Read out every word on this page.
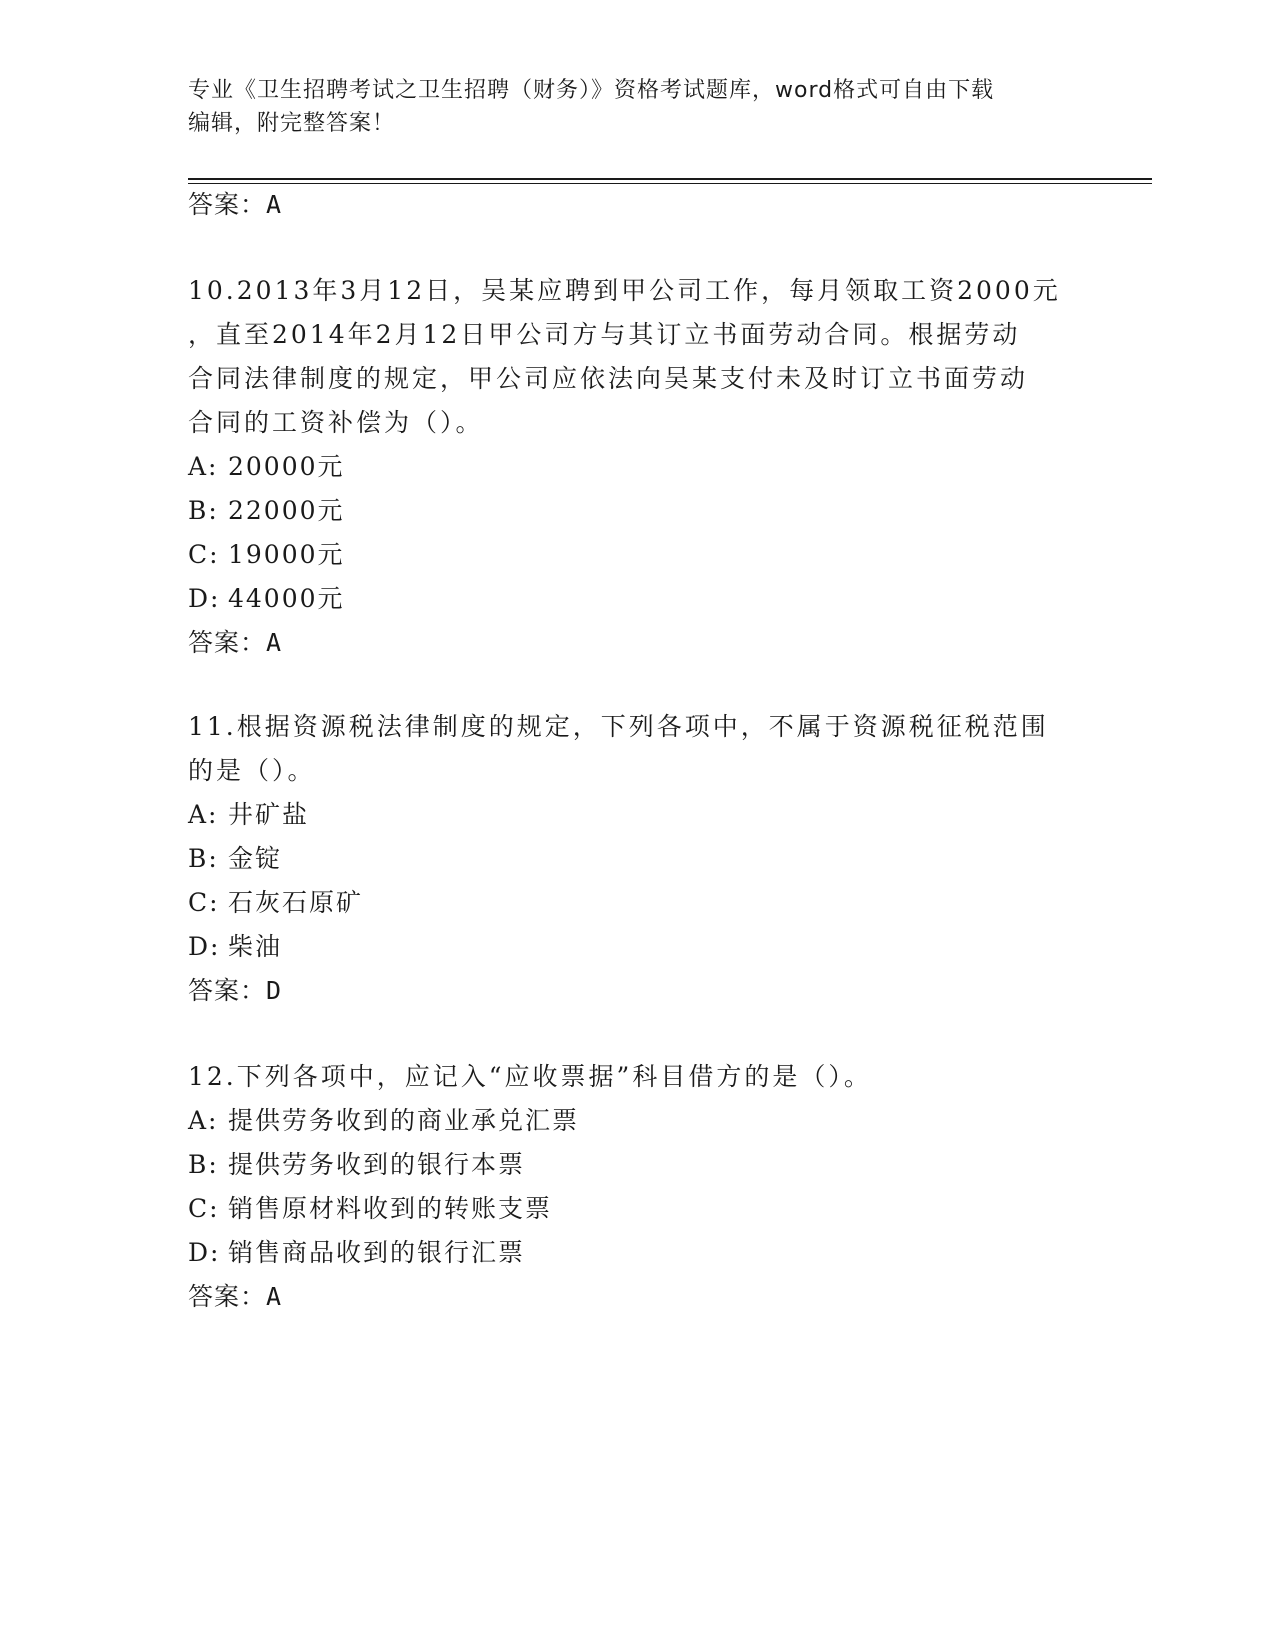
专业《卫生招聘考试之卫生招聘（财务）》资格考试题库，word格式可自由下载
编辑，附完整答案！
答案：A
10.2013年3月12日，吴某应聘到甲公司工作，每月领取工资2000元
，直至2014年2月12日甲公司方与其订立书面劳动合同。根据劳动
合同法律制度的规定，甲公司应依法向吴某支付未及时订立书面劳动
合同的工资补偿为（）。
A: 20000元
B: 22000元
C: 19000元
D: 44000元
答案：A
11.根据资源税法律制度的规定，下列各项中，不属于资源税征税范围
的是（）。
A: 井矿盐
B: 金锭
C: 石灰石原矿
D: 柴油
答案：D
12.下列各项中，应记入“应收票据”科目借方的是（）。
A: 提供劳务收到的商业承兑汇票
B: 提供劳务收到的银行本票
C: 销售原材料收到的转账支票
D: 销售商品收到的银行汇票
答案：A
